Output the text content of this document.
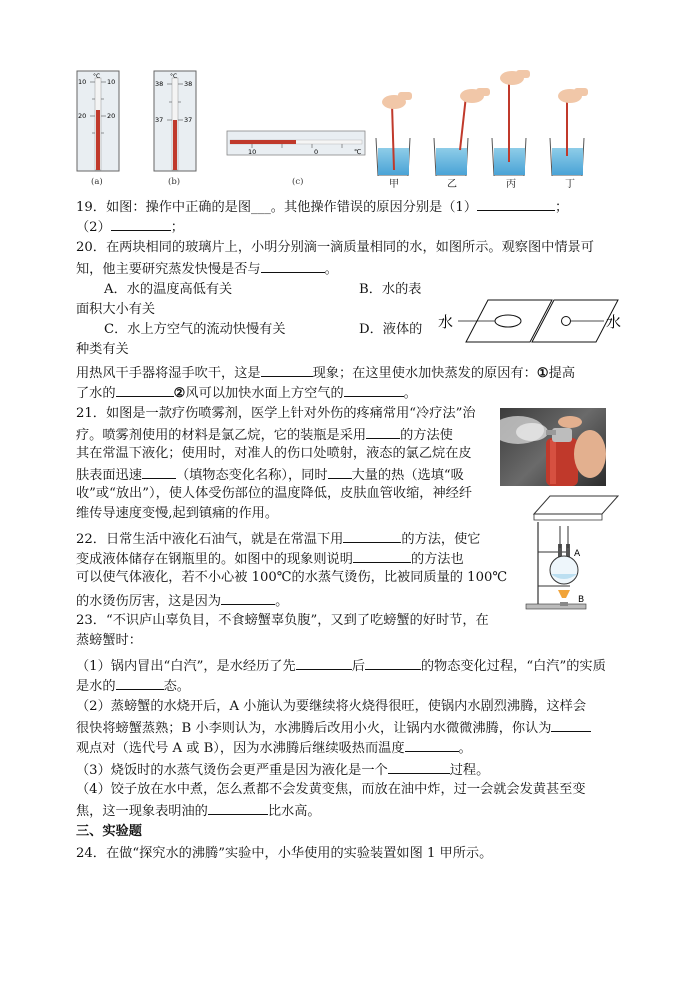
°C
10
20
10
20
(a)
°C
38
37
38
37
(b)
10	0	℃
(c)	甲	乙	丙	丁
19．如图：操作中正确的是图___。其他操作错误的原因分别是（1）	；
（2）	；
20．在两块相同的玻璃片上，小明分别滴一滴质量相同的水，如图所示。观察图中情景可
知，他主要研究蒸发快慢是否与	。
A．水的温度高低有关	B．水的表
面积大小有关
C．水上方空气的流动快慢有关	D．液体的
种类有关
水	水
用热风干手器将湿手吹干，这是	现象；在这里使水加快蒸发的原因有：①提高
了水的	②风可以加快水面上方空气的	。
21．如图是一款疗伤喷雾剂，医学上针对外伤的疼痛常用“冷疗法”治
疗。喷雾剂使用的材料是氯乙烷，它的装瓶是采用	的方法使
其在常温下液化；使用时，对准人的伤口处喷射，液态的氯乙烷在皮
肤表面迅速	（填物态变化名称），同时 大量的热（选填“吸
收”或“放出”），使人体受伤部位的温度降低，皮肤血管收缩，神经纤
维传导速度变慢,起到镇痛的作用。
22．日常生活中液化石油气，就是在常温下用	的方法，使它
变成液体储存在钢瓶里的。如图中的现象则说明	的方法也
可以使气体液化，若不小心被 100℃的水蒸气烫伤，比被同质量的 100℃
的水烫伤厉害，这是因为	。
A
B
23．“不识庐山辜负目，不食螃蟹辜负腹”，又到了吃螃蟹的好时节，在
蒸螃蟹时：
（1）锅内冒出“白汽”，是水经历了先	后	的物态变化过程，“白汽”的实质
是水的	态。
（2）蒸螃蟹的水烧开后，A 小施认为要继续将火烧得很旺，使锅内水剧烈沸腾，这样会
很快将螃蟹蒸熟；B 小李则认为，水沸腾后改用小火，让锅内水微微沸腾，你认为
观点对（选代号 A 或 B），因为水沸腾后继续吸热而温度	。
（3）烧饭时的水蒸气烫伤会更严重是因为液化是一个	过程。
（4）饺子放在水中煮，怎么煮都不会发黄变焦，而放在油中炸，过一会就会发黄甚至变
焦，这一现象表明油的	比水高。
三、实验题
24．在做“探究水的沸腾”实验中，小华使用的实验装置如图 1 甲所示。
